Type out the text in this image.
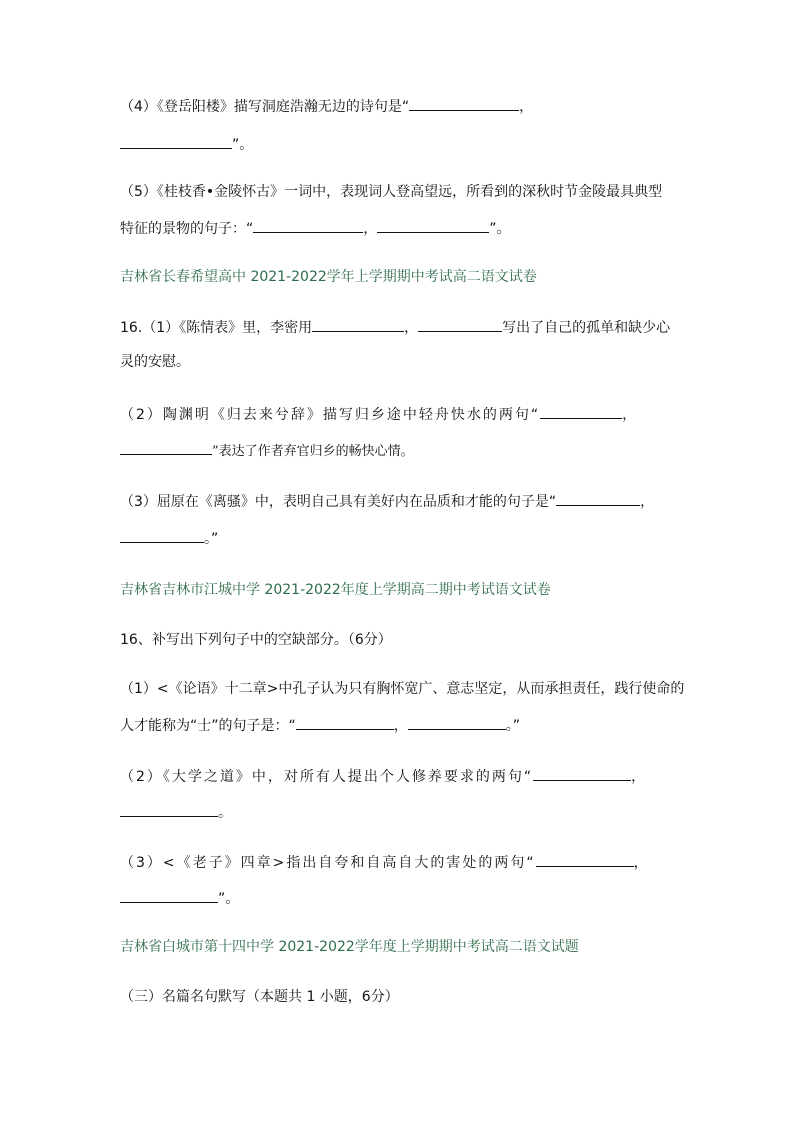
（4）《登岳阳楼》描写洞庭浩瀚无边的诗句是“	，
”。
（5）《桂枝香•金陵怀古》一词中，表现词人登高望远，所看到的深秋时节金陵最具典型
特征的景物的句子：“	，	”。
吉林省长春希望高中 2021-2022学年上学期期中考试高二语文试卷
16.（1）《陈情表》里，李密用	，	写出了自己的孤单和缺少心
灵的安慰。
（2）陶渊明《归去来兮辞》描写归乡途中轻舟快水的两句“	，
”表达了作者弃官归乡的畅快心情。
（3）屈原在《离骚》中，表明自己具有美好内在品质和才能的句子是“	，
。”
吉林省吉林市江城中学 2021-2022年度上学期高二期中考试语文试卷
16、补写出下列句子中的空缺部分。（6分）
（1）<《论语》十二章>中孔子认为只有胸怀宽广、意志坚定，从而承担责任，践行使命的
人才能称为“士”的句子是：“	，	。”
（2）《大学之道》中，对所有人提出个人修养要求的两句“	，
。
（3）<《老子》四章>指出自夸和自高自大的害处的两句“	，
”。
吉林省白城市第十四中学 2021-2022学年度上学期期中考试高二语文试题
（三）名篇名句默写（本题共 1 小题，6分）
